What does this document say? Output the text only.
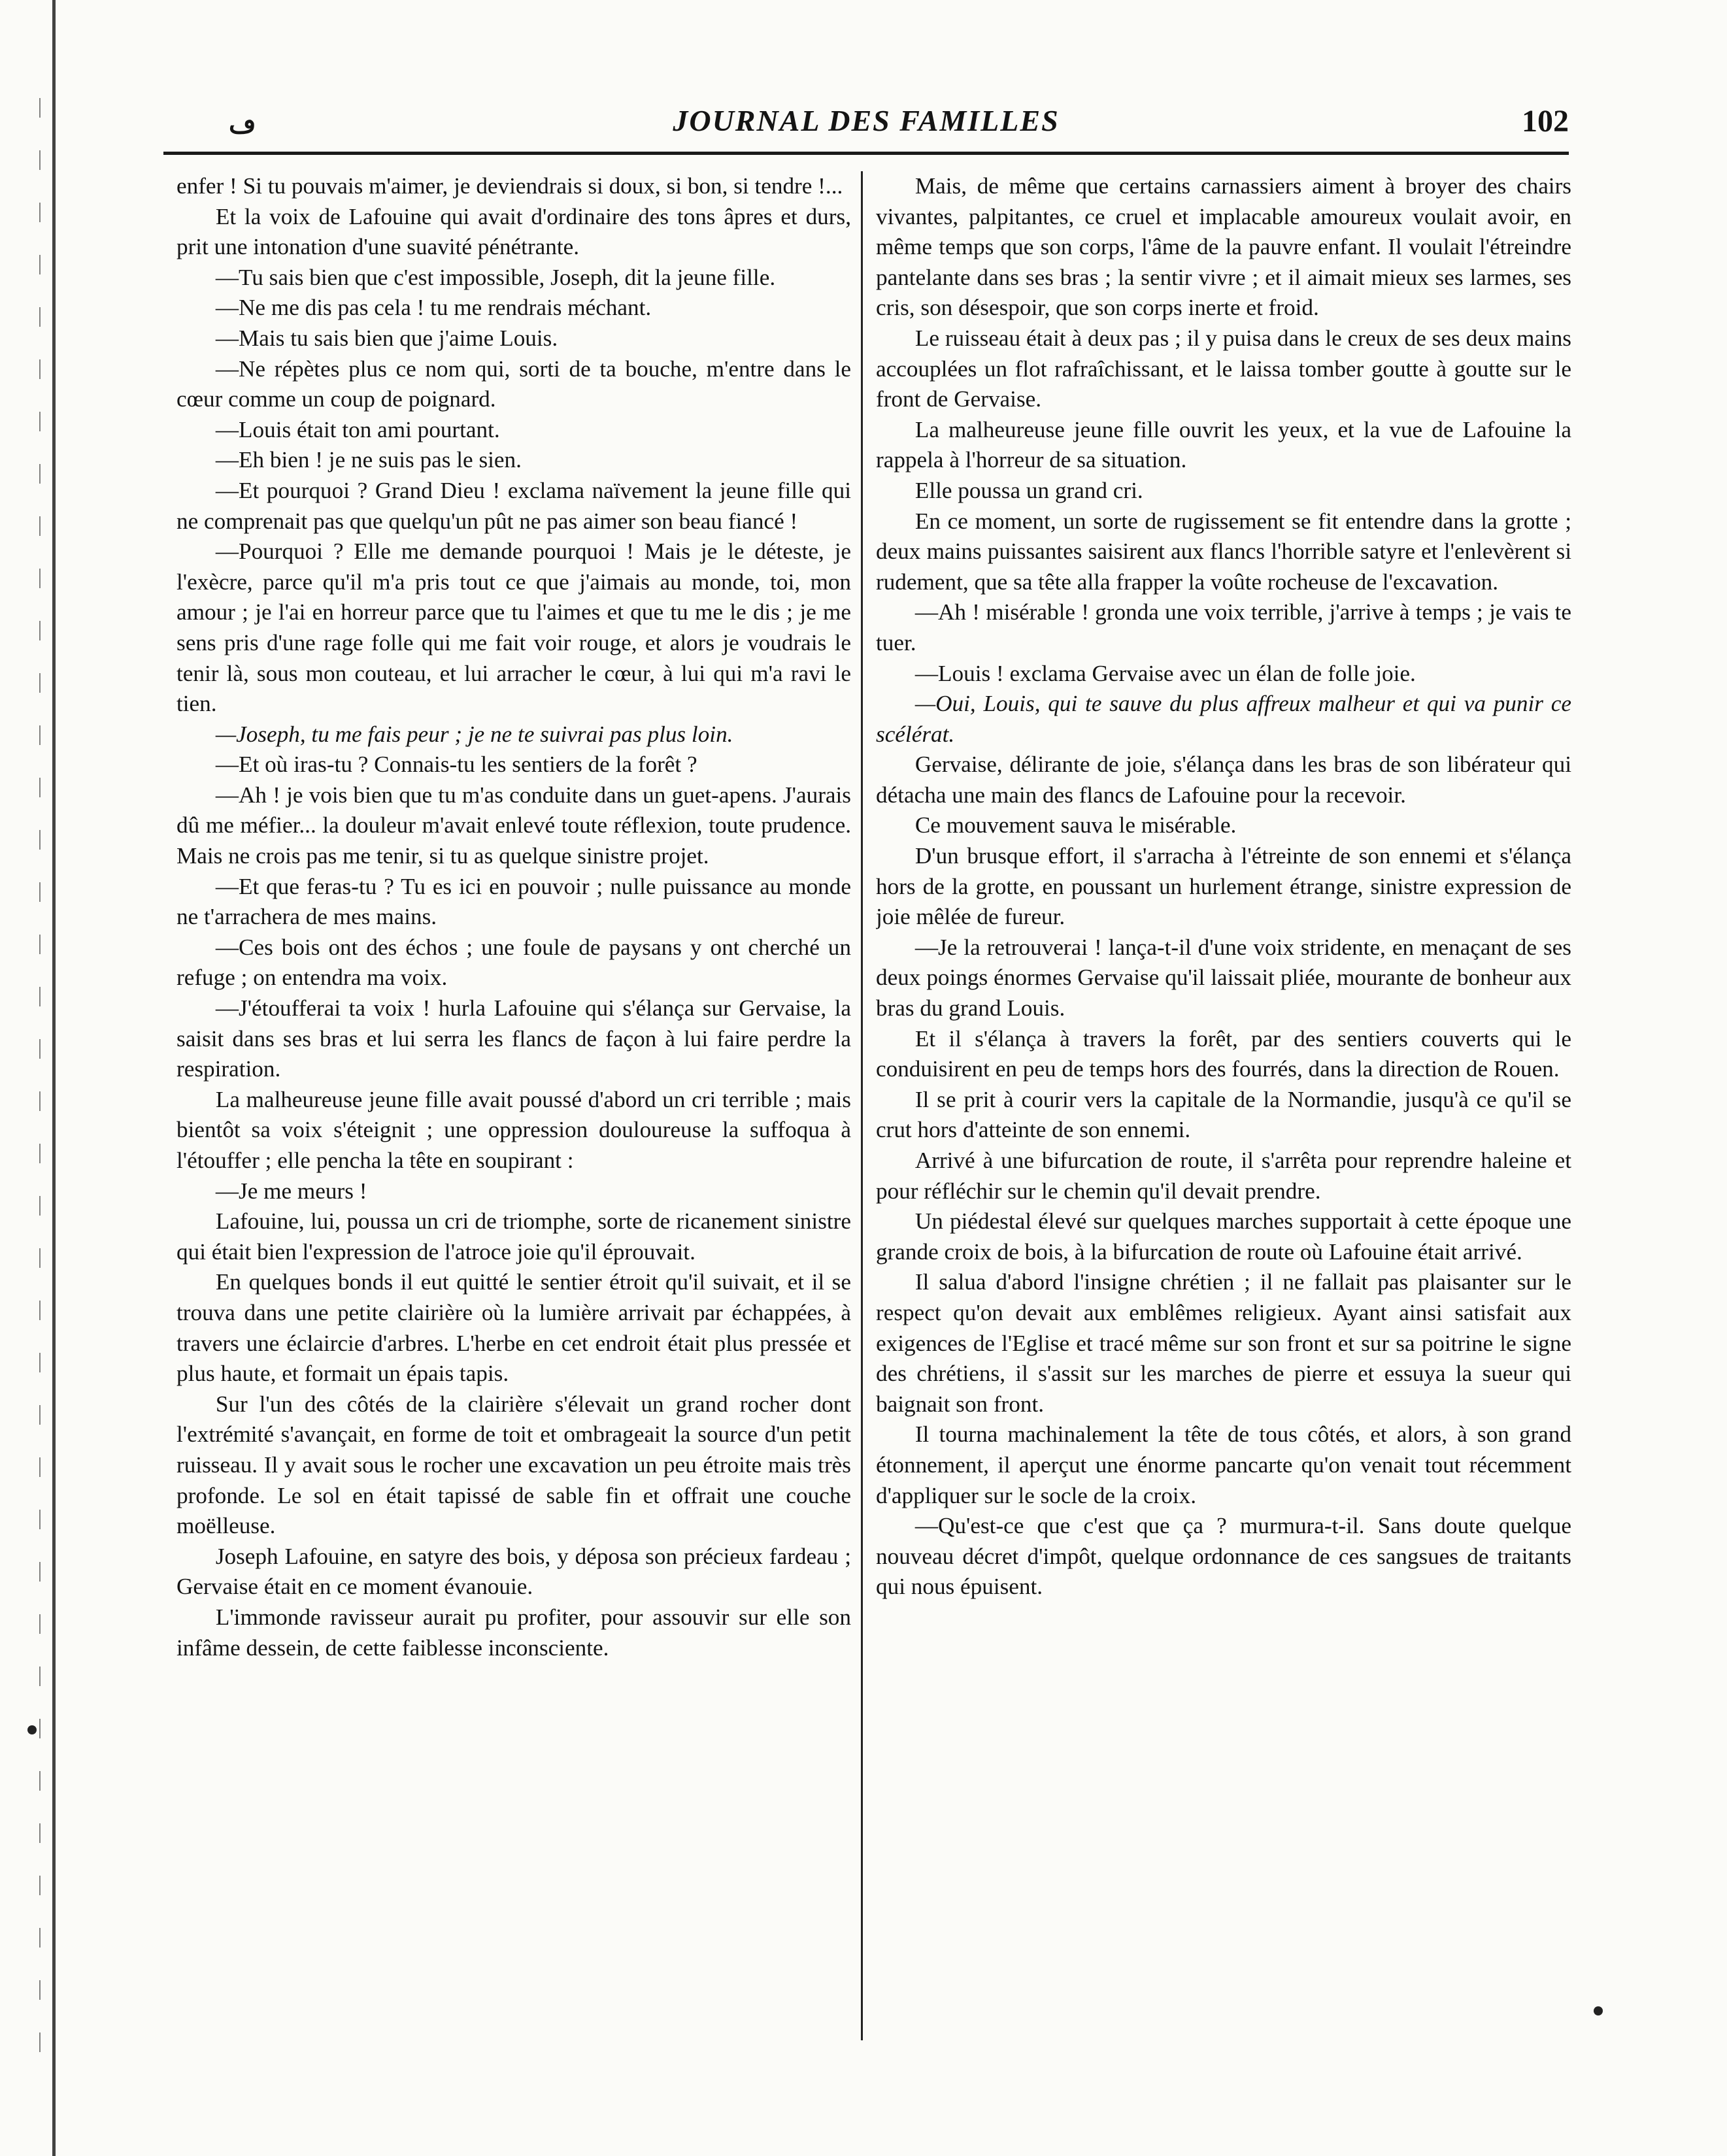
ڡ	JOURNAL DES FAMILLES	102

enfer ! Si tu pouvais m'aimer, je deviendrais si doux, si bon, si tendre !...

Et la voix de Lafouine qui avait d'ordinaire des tons âpres et durs, prit une intonation d'une suavité pénétrante.

—Tu sais bien que c'est impossible, Joseph, dit la jeune fille.

—Ne me dis pas cela ! tu me rendrais méchant.

—Mais tu sais bien que j'aime Louis.

—Ne répètes plus ce nom qui, sorti de ta bouche, m'entre dans le cœur comme un coup de poignard.

—Louis était ton ami pourtant.

—Eh bien ! je ne suis pas le sien.

—Et pourquoi ? Grand Dieu ! exclama naïvement la jeune fille qui ne comprenait pas que quelqu'un pût ne pas aimer son beau fiancé !

—Pourquoi ? Elle me demande pourquoi ! Mais je le déteste, je l'exècre, parce qu'il m'a pris tout ce que j'aimais au monde, toi, mon amour ; je l'ai en horreur parce que tu l'aimes et que tu me le dis ; je me sens pris d'une rage folle qui me fait voir rouge, et alors je voudrais le tenir là, sous mon couteau, et lui arracher le cœur, à lui qui m'a ravi le tien.

—Joseph, tu me fais peur ; je ne te suivrai pas plus loin.

—Et où iras-tu ? Connais-tu les sentiers de la forêt ?

—Ah ! je vois bien que tu m'as conduite dans un guet-apens. J'aurais dû me méfier... la douleur m'avait enlevé toute réflexion, toute prudence. Mais ne crois pas me tenir, si tu as quelque sinistre projet.

—Et que feras-tu ? Tu es ici en pouvoir ; nulle puissance au monde ne t'arrachera de mes mains.

—Ces bois ont des échos ; une foule de paysans y ont cherché un refuge ; on entendra ma voix.

—J'étoufferai ta voix ! hurla Lafouine qui s'élança sur Gervaise, la saisit dans ses bras et lui serra les flancs de façon à lui faire perdre la respiration.

La malheureuse jeune fille avait poussé d'abord un cri terrible ; mais bientôt sa voix s'éteignit ; une oppression douloureuse la suffoqua à l'étouffer ; elle pencha la tête en soupirant :

—Je me meurs !

Lafouine, lui, poussa un cri de triomphe, sorte de ricanement sinistre qui était bien l'expression de l'atroce joie qu'il éprouvait.

En quelques bonds il eut quitté le sentier étroit qu'il suivait, et il se trouva dans une petite clairière où la lumière arrivait par échappées, à travers une éclaircie d'arbres. L'herbe en cet endroit était plus pressée et plus haute, et formait un épais tapis.

Sur l'un des côtés de la clairière s'élevait un grand rocher dont l'extrémité s'avançait, en forme de toit et ombrageait la source d'un petit ruisseau. Il y avait sous le rocher une excavation un peu étroite mais très profonde. Le sol en était tapissé de sable fin et offrait une couche moëlleuse.

Joseph Lafouine, en satyre des bois, y déposa son précieux fardeau ; Gervaise était en ce moment évanouie.

L'immonde ravisseur aurait pu profiter, pour assouvir sur elle son infâme dessein, de cette faiblesse inconsciente.

Mais, de même que certains carnassiers aiment à broyer des chairs vivantes, palpitantes, ce cruel et implacable amoureux voulait avoir, en même temps que son corps, l'âme de la pauvre enfant. Il voulait l'étreindre pantelante dans ses bras ; la sentir vivre ; et il aimait mieux ses larmes, ses cris, son désespoir, que son corps inerte et froid.

Le ruisseau était à deux pas ; il y puisa dans le creux de ses deux mains accouplées un flot rafraîchissant, et le laissa tomber goutte à goutte sur le front de Gervaise.

La malheureuse jeune fille ouvrit les yeux, et la vue de Lafouine la rappela à l'horreur de sa situation.

Elle poussa un grand cri.

En ce moment, un sorte de rugissement se fit entendre dans la grotte ; deux mains puissantes saisirent aux flancs l'horrible satyre et l'enlevèrent si rudement, que sa tête alla frapper la voûte rocheuse de l'excavation.

—Ah ! misérable ! gronda une voix terrible, j'arrive à temps ; je vais te tuer.

—Louis ! exclama Gervaise avec un élan de folle joie.

—Oui, Louis, qui te sauve du plus affreux malheur et qui va punir ce scélérat.

Gervaise, délirante de joie, s'élança dans les bras de son libérateur qui détacha une main des flancs de Lafouine pour la recevoir.

Ce mouvement sauva le misérable.

D'un brusque effort, il s'arracha à l'étreinte de son ennemi et s'élança hors de la grotte, en poussant un hurlement étrange, sinistre expression de joie mêlée de fureur.

—Je la retrouverai ! lança-t-il d'une voix stridente, en menaçant de ses deux poings énormes Gervaise qu'il laissait pliée, mourante de bonheur aux bras du grand Louis.

Et il s'élança à travers la forêt, par des sentiers couverts qui le conduisirent en peu de temps hors des fourrés, dans la direction de Rouen.

Il se prit à courir vers la capitale de la Normandie, jusqu'à ce qu'il se crut hors d'atteinte de son ennemi.

Arrivé à une bifurcation de route, il s'arrêta pour reprendre haleine et pour réfléchir sur le chemin qu'il devait prendre.

Un piédestal élevé sur quelques marches supportait à cette époque une grande croix de bois, à la bifurcation de route où Lafouine était arrivé.

Il salua d'abord l'insigne chrétien ; il ne fallait pas plaisanter sur le respect qu'on devait aux emblêmes religieux. Ayant ainsi satisfait aux exigences de l'Eglise et tracé même sur son front et sur sa poitrine le signe des chrétiens, il s'assit sur les marches de pierre et essuya la sueur qui baignait son front.

Il tourna machinalement la tête de tous côtés, et alors, à son grand étonnement, il aperçut une énorme pancarte qu'on venait tout récemment d'appliquer sur le socle de la croix.

—Qu'est-ce que c'est que ça ? murmura-t-il. Sans doute quelque nouveau décret d'impôt, quelque ordonnance de ces sangsues de traitants qui nous épuisent.
